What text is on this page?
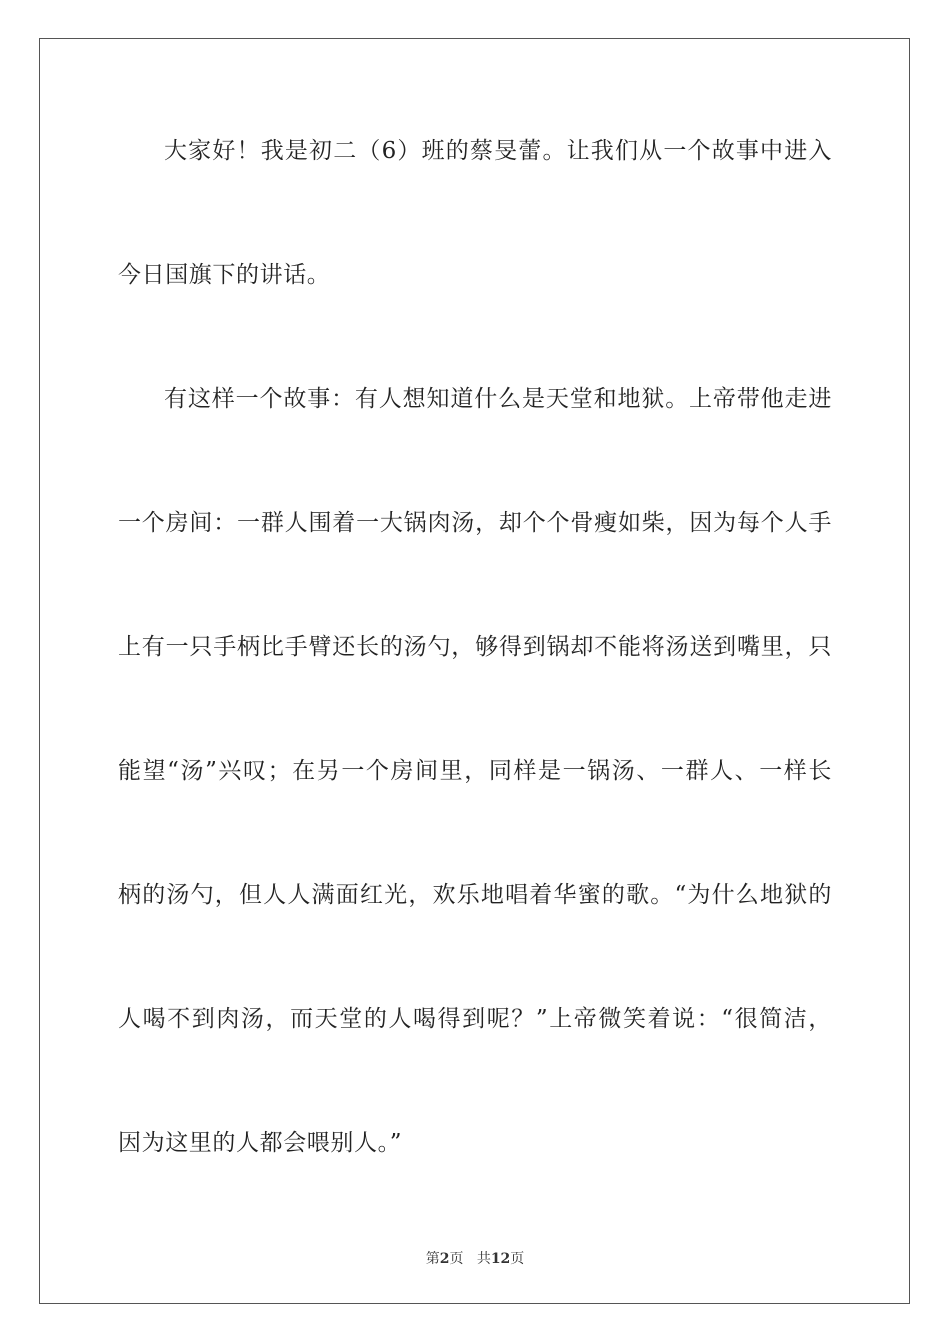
大家好！我是初二（6）班的蔡旻蕾。让我们从一个故事中进入
今日国旗下的讲话。
有这样一个故事：有人想知道什么是天堂和地狱。上帝带他走进
一个房间：一群人围着一大锅肉汤，却个个骨瘦如柴，因为每个人手
上有一只手柄比手臂还长的汤勺，够得到锅却不能将汤送到嘴里，只
能望“汤”兴叹；在另一个房间里，同样是一锅汤、一群人、一样长
柄的汤勺，但人人满面红光，欢乐地唱着华蜜的歌。“为什么地狱的
人喝不到肉汤，而天堂的人喝得到呢？”上帝微笑着说：“很简洁，
因为这里的人都会喂别人。”
第2页 共12页
